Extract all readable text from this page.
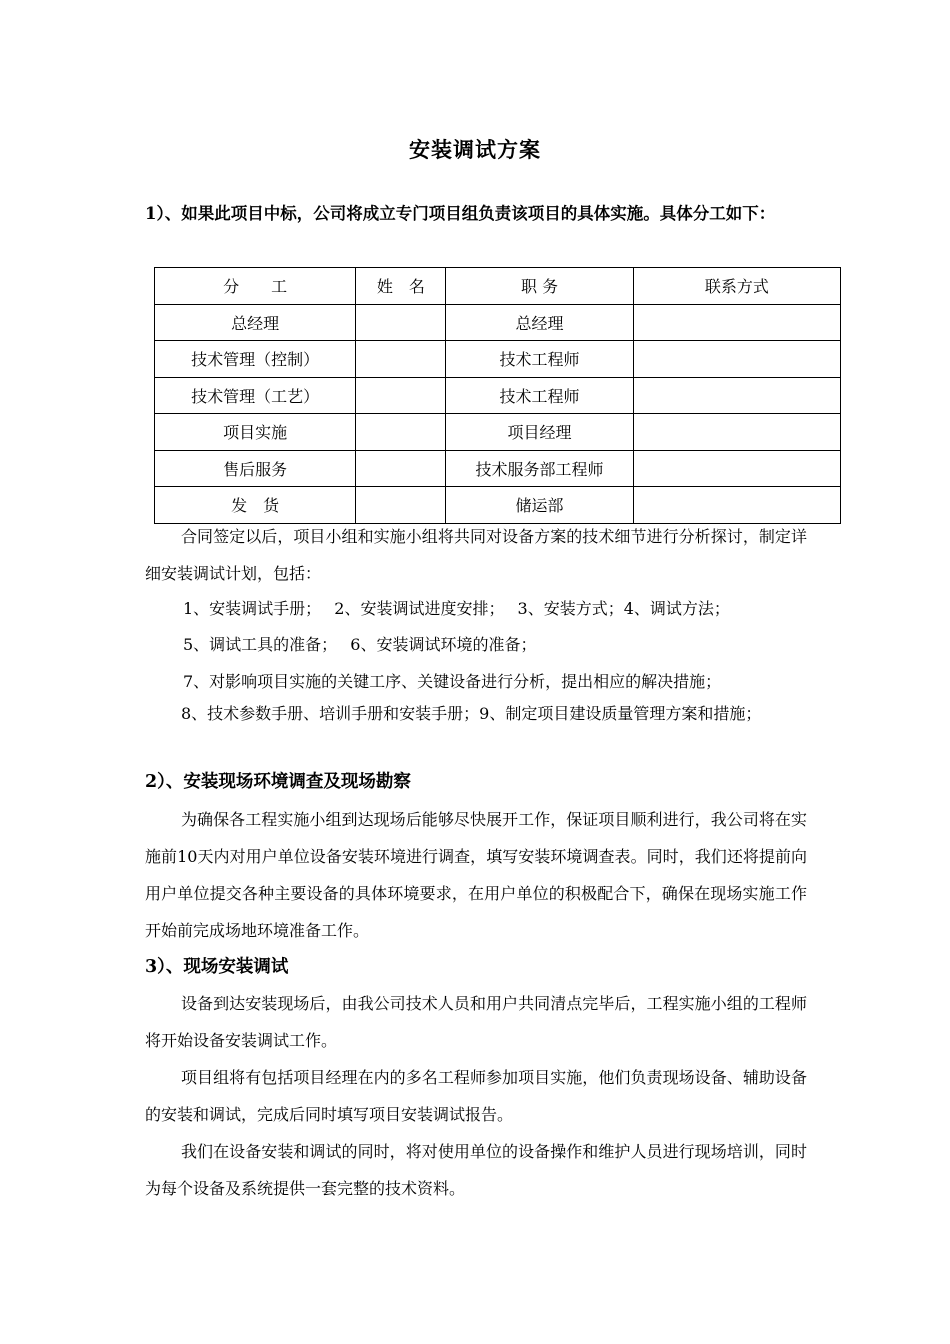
安装调试方案

1）、如果此项目中标，公司将成立专门项目组负责该项目的具体实施。具体分工如下：

分　　工	姓　名	职 务	联系方式
总经理		总经理	
技术管理（控制）		技术工程师	
技术管理（工艺）		技术工程师	
项目实施		项目经理	
售后服务		技术服务部工程师	
发　货		储运部	

合同签定以后，项目小组和实施小组将共同对设备方案的技术细节进行分析探讨，制定详细安装调试计划，包括：

1、安装调试手册；　 2、安装调试进度安排；　 3、安装方式；4、调试方法；

5、调试工具的准备；　 6、安装调试环境的准备；

7、对影响项目实施的关键工序、关键设备进行分析，提出相应的解决措施；

8、技术参数手册、培训手册和安装手册；9、制定项目建设质量管理方案和措施；

2）、安装现场环境调查及现场勘察

为确保各工程实施小组到达现场后能够尽快展开工作，保证项目顺利进行，我公司将在实施前10天内对用户单位设备安装环境进行调查，填写安装环境调查表。同时，我们还将提前向用户单位提交各种主要设备的具体环境要求，在用户单位的积极配合下，确保在现场实施工作开始前完成场地环境准备工作。

3）、现场安装调试

设备到达安装现场后，由我公司技术人员和用户共同清点完毕后，工程实施小组的工程师将开始设备安装调试工作。

项目组将有包括项目经理在内的多名工程师参加项目实施，他们负责现场设备、辅助设备的安装和调试，完成后同时填写项目安装调试报告。

我们在设备安装和调试的同时，将对使用单位的设备操作和维护人员进行现场培训，同时为每个设备及系统提供一套完整的技术资料。
